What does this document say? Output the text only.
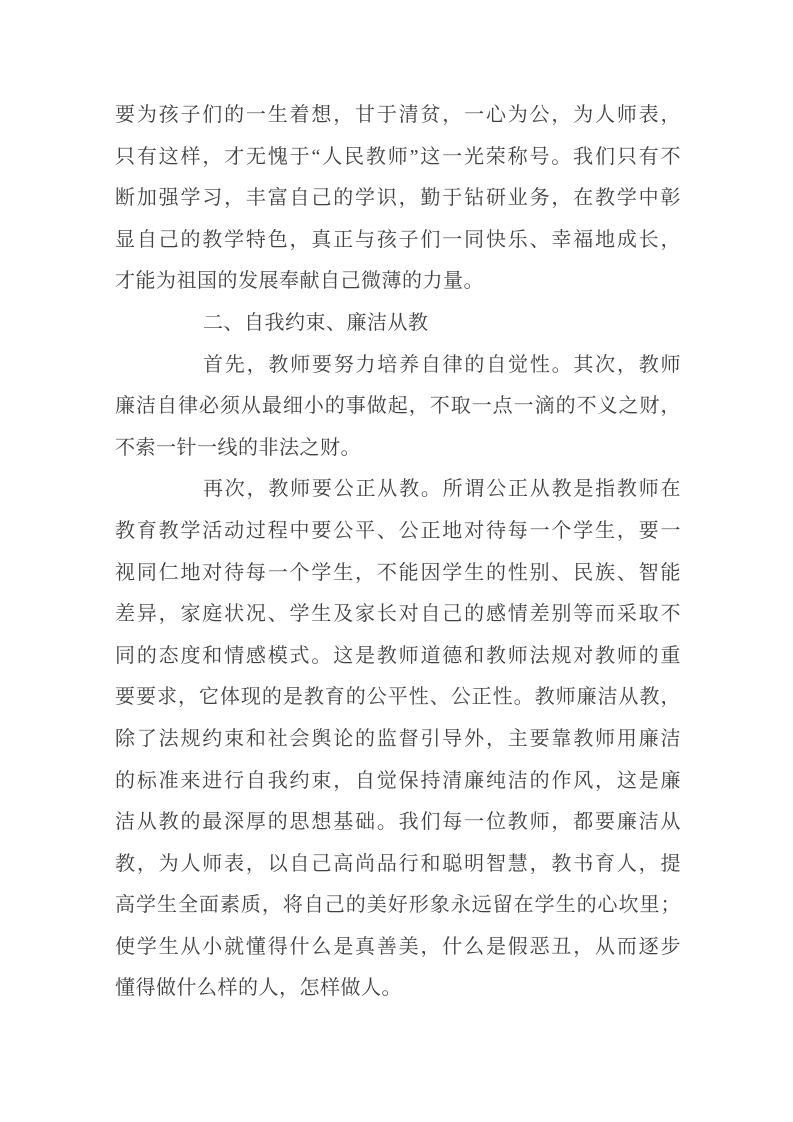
要为孩子们的一生着想，甘于清贫，一心为公，为人师表，
只有这样，才无愧于“人民教师”这一光荣称号。我们只有不
断加强学习，丰富自己的学识，勤于钻研业务，在教学中彰
显自己的教学特色，真正与孩子们一同快乐、幸福地成长，
才能为祖国的发展奉献自己微薄的力量。
二、自我约束、廉洁从教
首先，教师要努力培养自律的自觉性。其次，教师
廉洁自律必须从最细小的事做起，不取一点一滴的不义之财，
不索一针一线的非法之财。
再次，教师要公正从教。所谓公正从教是指教师在
教育教学活动过程中要公平、公正地对待每一个学生，要一
视同仁地对待每一个学生，不能因学生的性别、民族、智能
差异，家庭状况、学生及家长对自己的感情差别等而采取不
同的态度和情感模式。这是教师道德和教师法规对教师的重
要要求，它体现的是教育的公平性、公正性。教师廉洁从教，
除了法规约束和社会舆论的监督引导外，主要靠教师用廉洁
的标准来进行自我约束，自觉保持清廉纯洁的作风，这是廉
洁从教的最深厚的思想基础。我们每一位教师，都要廉洁从
教，为人师表，以自己高尚品行和聪明智慧，教书育人，提
高学生全面素质，将自己的美好形象永远留在学生的心坎里；
使学生从小就懂得什么是真善美，什么是假恶丑，从而逐步
懂得做什么样的人，怎样做人。
